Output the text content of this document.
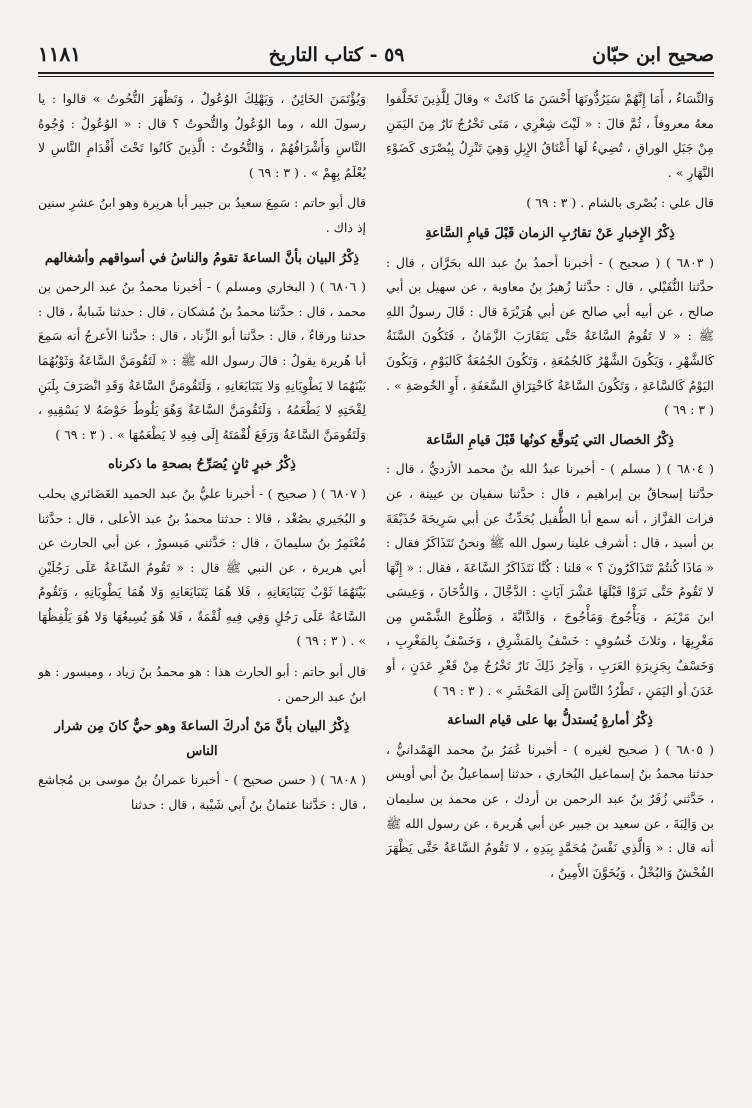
صحيح ابن حبّان
٥٩ - كتاب التاريخ
١١٨١

وَالنِّسَاءُ ، أَمَا إِنَّهُمْ سَيَرُدُّونَهَا أَحْسَنَ مَا كَانَتْ » وقالَ لِلَّذِينَ تَخَلَّفوا معهُ معروفاً ، ثُمَّ قالَ : « لَيْتَ شِعْرِي ، مَتَى تَخْرُجُ نَارٌ مِنَ اليَمَنِ مِنْ جَبَلِ الوراقِ ، تُضِيءُ لَهَا أَعْنَاقُ الإِبِلِ وَهِيَ تَنْزِلُ بِبُصْرَى كَضَوْءِ النَّهَارِ » .

قال علي : بُصْرى بالشام . ( ٣ : ٦٩ )

ذِكْرُ الإِخبارِ عَنْ تقارُبِ الزمان قَبْلَ قيامِ السَّاعةِ

( ٦٨٠٣ ) ( صحيح ) - أخبرنا أحمدُ بنُ عبد الله بحَرَّان ، قال : حدَّثنا النُّفَيْلي ، قال : حدَّثنا زُهيرُ بنُ معاوية ، عن سهيل بن أبي صالح ، عن أبيه أبي صالح عن أبي هُرَيْرَةَ قال : قَالَ رسولُ اللهِ ﷺ : « لا تَقُومُ السَّاعَةُ حَتَّى يَتَقَارَبَ الزَّمَانُ ، فَتَكُونَ السَّنَةُ كَالشَّهْرِ ، وَيَكُونَ الشَّهْرُ كَالجُمُعَةِ ، وَتَكُونَ الجُمُعَةُ كَاليَوْمِ ، وَيَكُونَ اليَوْمُ كَالسَّاعَةِ ، وَتَكُونَ السَّاعَةُ كَاحْتِرَاقِ السَّعَفَةِ ، أَوِ الخُوصَةِ » . ( ٣ : ٦٩ )

ذِكْرُ الخصال التي يُتوقَّع كونُها قَبْلَ قيامِ السَّاعة

( ٦٨٠٤ ) ( مسلم ) - أخبرنا عبدُ الله بنُ محمد الأزديُّ ، قال : حدَّثنا إسحاقُ بن إبراهيم ، قال : حدَّثنا سفيان بن عيينة ، عن فرات القزَّاز ، أنه سمع أبا الطُّفيل يُحَدِّثُ عن أبي سَرِيحَةَ حُذَيْفَةَ بن أسيد ، قال : أشرف علينا رسول الله ﷺ ونحنُ نَتَذَاكَرُ فقال : « مَاذَا كُنتُمْ تَتَذَاكَرُونَ ؟ » قلنا : كُنَّا نَتَذَاكَرُ السَّاعَةَ ، فقال : « إِنَّهَا لا تَقُومُ حَتَّى تَرَوْا قَبْلَهَا عَشْرَ آيَاتٍ : الدَّجَّالَ ، وَالدُّخَانَ ، وَعِيسَى ابنَ مَرْيَمَ ، وَيَأْجُوجَ وَمَأْجُوجَ ، وَالدَّابَّةَ ، وَطُلُوعَ الشَّمْسِ مِن مَغْرِبِهَا ، وثلاثَ خُسُوفٍ : خَسْفٌ بِالمَشْرِقِ ، وَخَسْفٌ بِالمَغْرِبِ ، وَخَسْفٌ بِجَزِيرَةِ العَرَبِ ، وَآخِرُ ذَلِكَ نَارٌ تَخْرُجُ مِنْ قَعْرِ عَدَنٍ ، أو عَدَنَ أو اليَمَنِ ، تَطْرُدُ النَّاسَ إِلَى المَحْشَرِ » . ( ٣ : ٦٩ )

ذِكْرُ أمارةٍ يُستدلُّ بها على قيام الساعة

( ٦٨٠٥ ) ( صحيح لغيره ) - أخبرنا عُمَرُ بنُ محمد الهَمْدانيُّ ، حدثنا محمدُ بنُ إسماعيل البُخاري ، حدثنا إسماعيلُ بنُ أبي أويس ، حَدَّثني زُفَرُ بنُ عبد الرحمن بن أردك ، عن محمد بن سليمان بن وَالِبَةَ ، عن سعيد بن جبير عن أبي هُريرة ، عن رسول الله ﷺ أنه قال : « وَالَّذِي نَفْسُ مُحَمَّدٍ بِيَدِهِ ، لا تَقُومُ السَّاعَةُ حَتَّى يَظْهَرَ الفُحْشُ وَالبُخْلُ ، وَيُخَوَّنَ الأَمِينُ ،

وَيُؤْتَمَنَ الخَائِنُ ، وَيَهْلِكَ الوُعُولُ ، وَتَظْهَرَ التُّحُوتُ » قالوا : يا رسولَ الله ، وما الوُعُولُ والتُّحوتُ ؟ قال : « الوُعُولُ : وُجُوهُ النَّاسِ وَأَشْرَافُهُمْ ، وَالتُّحُوتُ : الَّذِينَ كَانُوا تَحْتَ أَقْدَامِ النَّاسِ لا يُعْلَمُ بِهِمْ » . ( ٣ : ٦٩ )

قال أبو حاتم : سَمِعَ سعيدُ بن جبير أبا هريرة وهو ابنُ عشرِ سنين إذ ذاك .

ذِكْرُ البيان بأنَّ الساعةَ تقومُ والناسُ في أسواقهم وأشغالهم

( ٦٨٠٦ ) ( البخاري ومسلم ) - أخبرنا محمدُ بنُ عبد الرحمن بن محمد ، قال : حدَّثنا محمدُ بنُ مُشكان ، قال : حدثنا شَبابةُ ، قال : حدثنا ورقاءُ ، قال : حدَّثنا أبو الزِّناد ، قال : حدَّثنا الأعرجُ أنه سَمِعَ أبا هُريرة يقولُ : قالَ رسول الله ﷺ : « لَتَقُومَنَّ السَّاعَةُ وَثَوْبُهُمَا بَيْنَهُمَا لا يَطْوِيَانِهِ وَلا يَتَبَايَعَانِهِ ، وَلَتَقُومَنَّ السَّاعَةُ وَقَدِ انْصَرَفَ بِلَبَنِ لِقْحَتِهِ لا يَطْعَمُهُ ، وَلَتَقُومَنَّ السَّاعَةُ وَهُوَ يَلُوطُ حَوْضَهُ لا يَسْقِيهِ ، وَلَتَقُومَنَّ السَّاعَةُ وَرَفَعَ لُقْمَتَهُ إِلَى فِيهِ لا يَطْعَمُهَا » . ( ٣ : ٦٩ )

ذِكْرُ خبرٍ ثانٍ يُصَرِّحُ بصحةِ ما ذكرناه

( ٦٨٠٧ ) ( صحيح ) - أخبرنا عليُّ بنُ عبد الحميد الغَضَائري بحلب و البُجَيري بصُغْد ، قالا : حدثنا محمدُ بنُ عبد الأعلى ، قال : حدَّثنا مُعْتَمِرُ بنُ سليمانَ ، قال : حَدَّثني مَيسورٌ ، عن أبي الحارث عن أبي هريرة ، عن النبي ﷺ قال : « تَقُومُ السَّاعَةُ عَلَى رَجُلَيْنِ بَيْنَهُمَا ثَوْبٌ يَتَبَايَعَانِهِ ، فَلا هُمَا يَتَبَايَعَانِهِ وَلا هُمَا يَطْوِيَانِهِ ، وَتَقُومُ السَّاعَةُ عَلَى رَجُلٍ وَفِي فِيهِ لُقْمَةٌ ، فَلا هُوَ يُسِيغُهَا وَلا هُوَ يَلْفِظُهَا » . ( ٣ : ٦٩ )

قال أبو حاتم : أبو الحارث هذا : هو محمدُ بنُ زياد ، وميسور : هو ابنُ عبد الرحمن .

ذِكْرُ البيان بأنَّ مَنْ أدركَ الساعةَ وهو حيٌّ كانَ مِن شرار الناس

( ٦٨٠٨ ) ( حسن صحيح ) - أخبرنا عمرانُ بنُ موسى بن مُجاشع ، قال : حَدَّثنا عثمانُ بنُ أبي شَيْبة ، قال : حدثنا
